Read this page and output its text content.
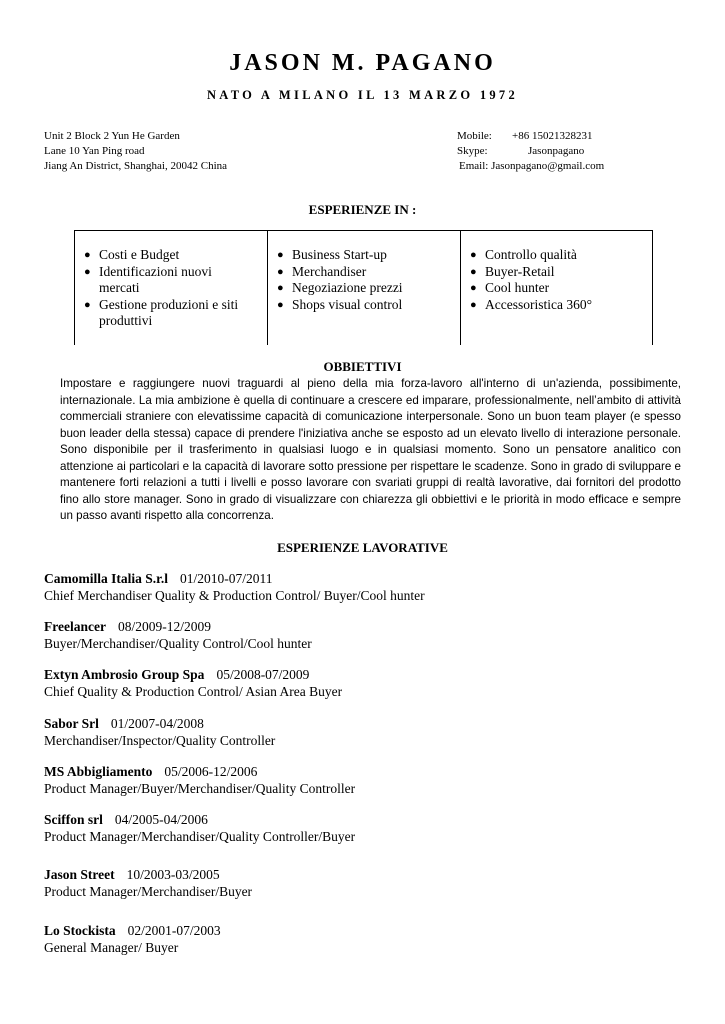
JASON M. PAGANO
NATO A MILANO IL 13 MARZO 1972
Unit 2 Block 2 Yun He Garden
Lane 10 Yan Ping road
Jiang An District, Shanghai, 20042 China
Mobile: +86 15021328231
Skype:	Jasonpagano
Email: Jasonpagano@gmail.com
ESPERIENZE IN :
● Costi e Budget
● Identificazioni nuovi mercati
● Gestione produzioni e siti produttivi
● Business Start-up
● Merchandiser
● Negoziazione prezzi
● Shops visual control
● Controllo qualità
● Buyer-Retail
● Cool hunter
● Accessoristica 360°
OBBIETTIVI
Impostare e raggiungere nuovi traguardi al pieno della mia forza-lavoro all'interno di un'azienda, possibimente, internazionale. La mia ambizione è quella di continuare a crescere ed imparare, professionalmente, nell’ambito di attività commerciali straniere con elevatissime capacità di comunicazione interpersonale. Sono un buon team player (e spesso buon leader della stessa) capace di prendere l'iniziativa anche se esposto ad un elevato livello di interazione personale. Sono disponibile per il trasferimento in qualsiasi luogo e in qualsiasi momento. Sono un pensatore analitico con attenzione ai particolari e la capacità di lavorare sotto pressione per rispettare le scadenze. Sono in grado di sviluppare e mantenere forti relazioni a tutti i livelli e posso lavorare con svariati gruppi di realtà lavorative, dai fornitori del prodotto fino allo store manager. Sono in grado di visualizzare con chiarezza gli obbiettivi e le priorità in modo efficace e sempre un passo avanti rispetto alla concorrenza.
ESPERIENZE LAVORATIVE
Camomilla Italia S.r.l 01/2010-07/2011
Chief Merchandiser Quality & Production Control/ Buyer/Cool hunter
Freelancer 08/2009-12/2009
Buyer/Merchandiser/Quality Control/Cool hunter
Extyn Ambrosio Group Spa 05/2008-07/2009
Chief Quality & Production Control/ Asian Area Buyer
Sabor Srl 01/2007-04/2008
Merchandiser/Inspector/Quality Controller
MS Abbigliamento 05/2006-12/2006
Product Manager/Buyer/Merchandiser/Quality Controller
Sciffon srl 04/2005-04/2006
Product Manager/Merchandiser/Quality Controller/Buyer
Jason Street 10/2003-03/2005
Product Manager/Merchandiser/Buyer
Lo Stockista 02/2001-07/2003
General Manager/ Buyer
